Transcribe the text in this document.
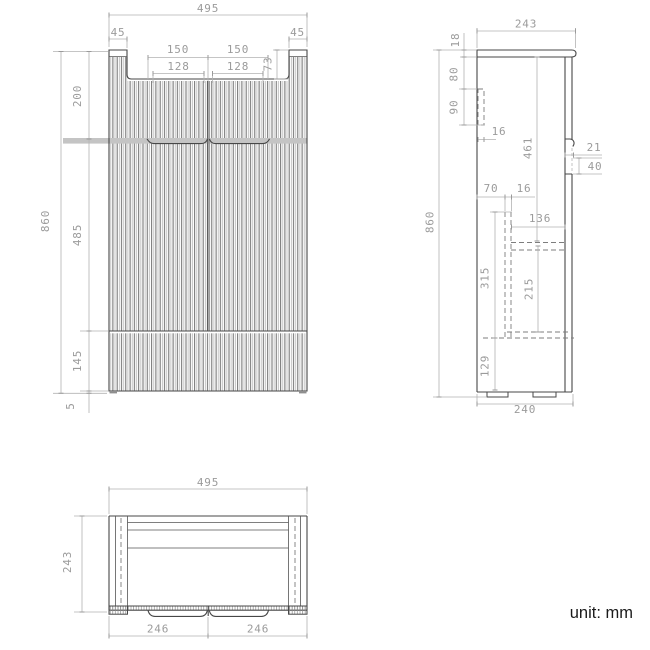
495
45	45
150	150
128	128 73
860
200
485
145
5
243
18
80
90
860
16
461	21
40
70 16
136
315	215
129
240
495
243
246	246
unit: mm
